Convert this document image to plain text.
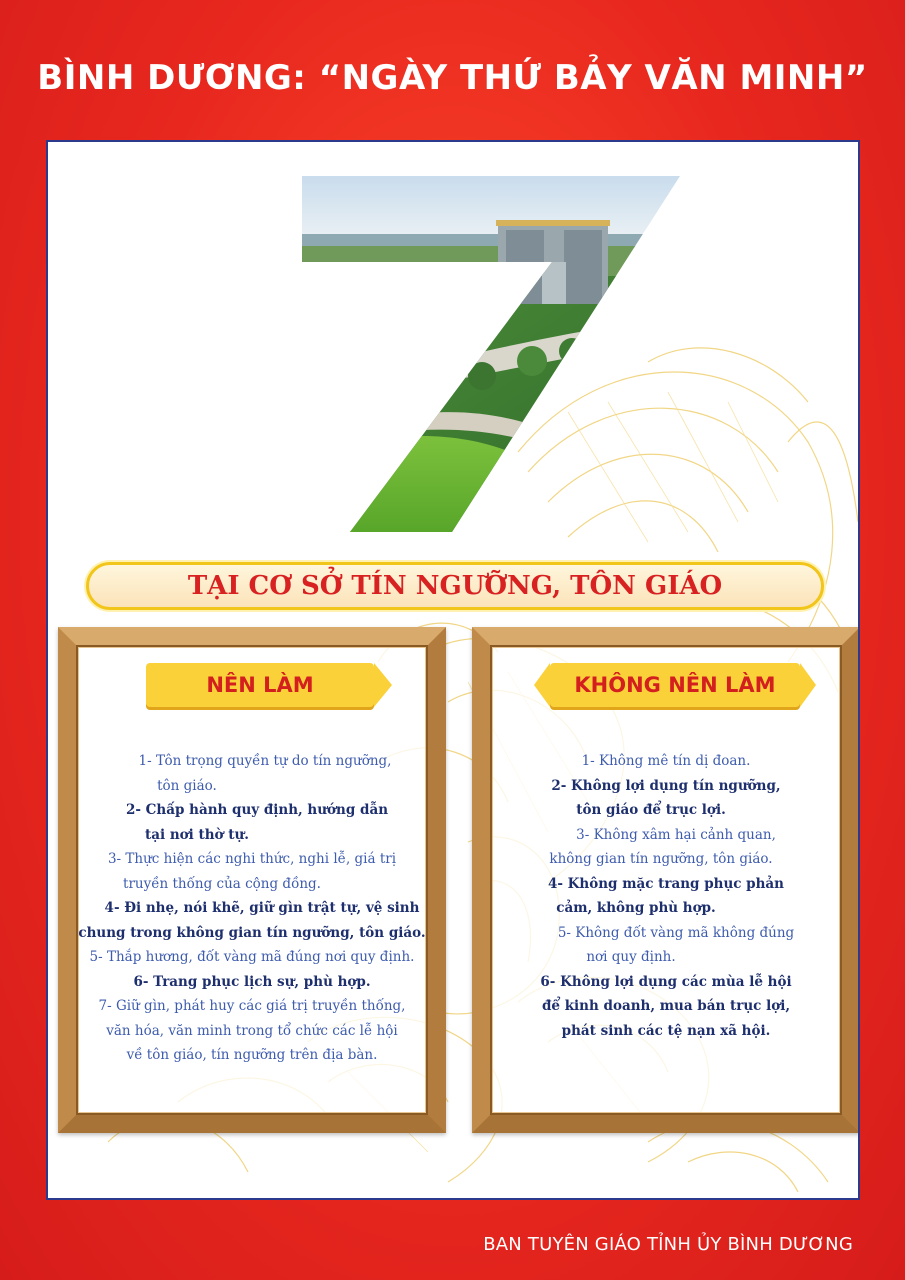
BÌNH DƯƠNG: “NGÀY THỨ BẢY VĂN MINH”
TẠI CƠ SỞ TÍN NGƯỠNG, TÔN GIÁO
NÊN LÀM
1- Tôn trọng quyền tự do tín ngưỡng,
tôn giáo.
2- Chấp hành quy định, hướng dẫn
tại nơi thờ tự.
3- Thực hiện các nghi thức, nghi lễ, giá trị
truyền thống của cộng đồng.
4- Đi nhẹ, nói khẽ, giữ gìn trật tự, vệ sinh
chung trong không gian tín ngưỡng, tôn giáo.
5- Thắp hương, đốt vàng mã đúng nơi quy định.
6- Trang phục lịch sự, phù hợp.
7- Giữ gìn, phát huy các giá trị truyền thống,
văn hóa, văn minh trong tổ chức các lễ hội
về tôn giáo, tín ngưỡng trên địa bàn.
KHÔNG NÊN LÀM
1- Không mê tín dị đoan.
2- Không lợi dụng tín ngưỡng,
tôn giáo để trục lợi.
3- Không xâm hại cảnh quan,
không gian tín ngưỡng, tôn giáo.
4- Không mặc trang phục phản
cảm, không phù hợp.
5- Không đốt vàng mã không đúng
nơi quy định.
6- Không lợi dụng các mùa lễ hội
để kinh doanh, mua bán trục lợi,
phát sinh các tệ nạn xã hội.
BAN TUYÊN GIÁO TỈNH ỦY BÌNH DƯƠNG
